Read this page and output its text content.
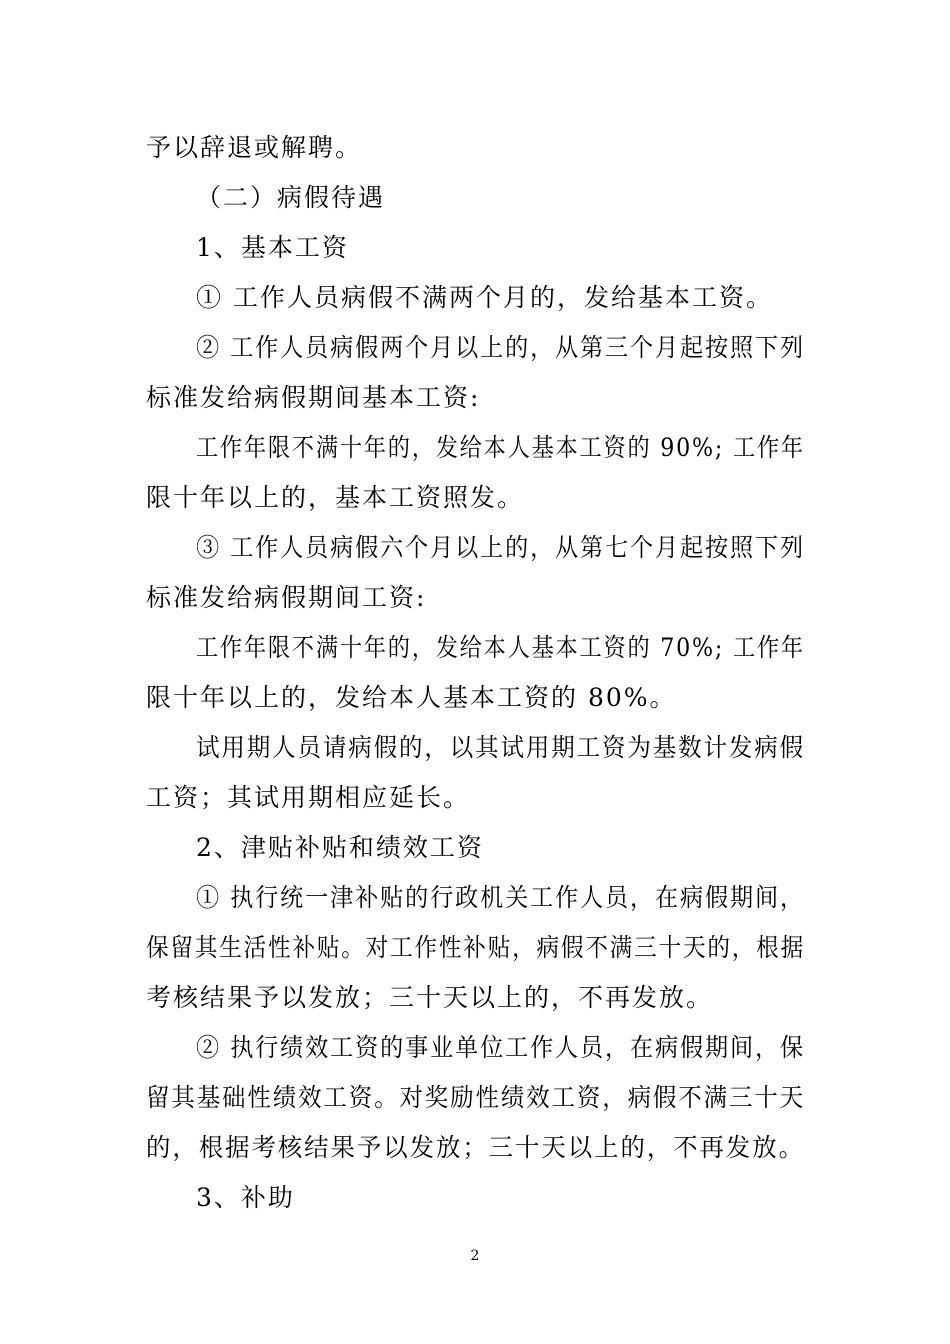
予以辞退或解聘。
（二）病假待遇
1、基本工资
① 工作人员病假不满两个月的，发给基本工资。
② 工作人员病假两个月以上的，从第三个月起按照下列
标准发给病假期间基本工资:
工作年限不满十年的，发给本人基本工资的 90%; 工作年
限十年以上的，基本工资照发。
③ 工作人员病假六个月以上的，从第七个月起按照下列
标准发给病假期间工资:
工作年限不满十年的，发给本人基本工资的 70%; 工作年
限十年以上的，发给本人基本工资的 80%。
试用期人员请病假的，以其试用期工资为基数计发病假
工资；其试用期相应延长。
2、津贴补贴和绩效工资
① 执行统一津补贴的行政机关工作人员，在病假期间，
保留其生活性补贴。对工作性补贴，病假不满三十天的，根据
考核结果予以发放；三十天以上的，不再发放。
② 执行绩效工资的事业单位工作人员，在病假期间，保
留其基础性绩效工资。对奖励性绩效工资，病假不满三十天
的，根据考核结果予以发放；三十天以上的，不再发放。
3、补助
2
